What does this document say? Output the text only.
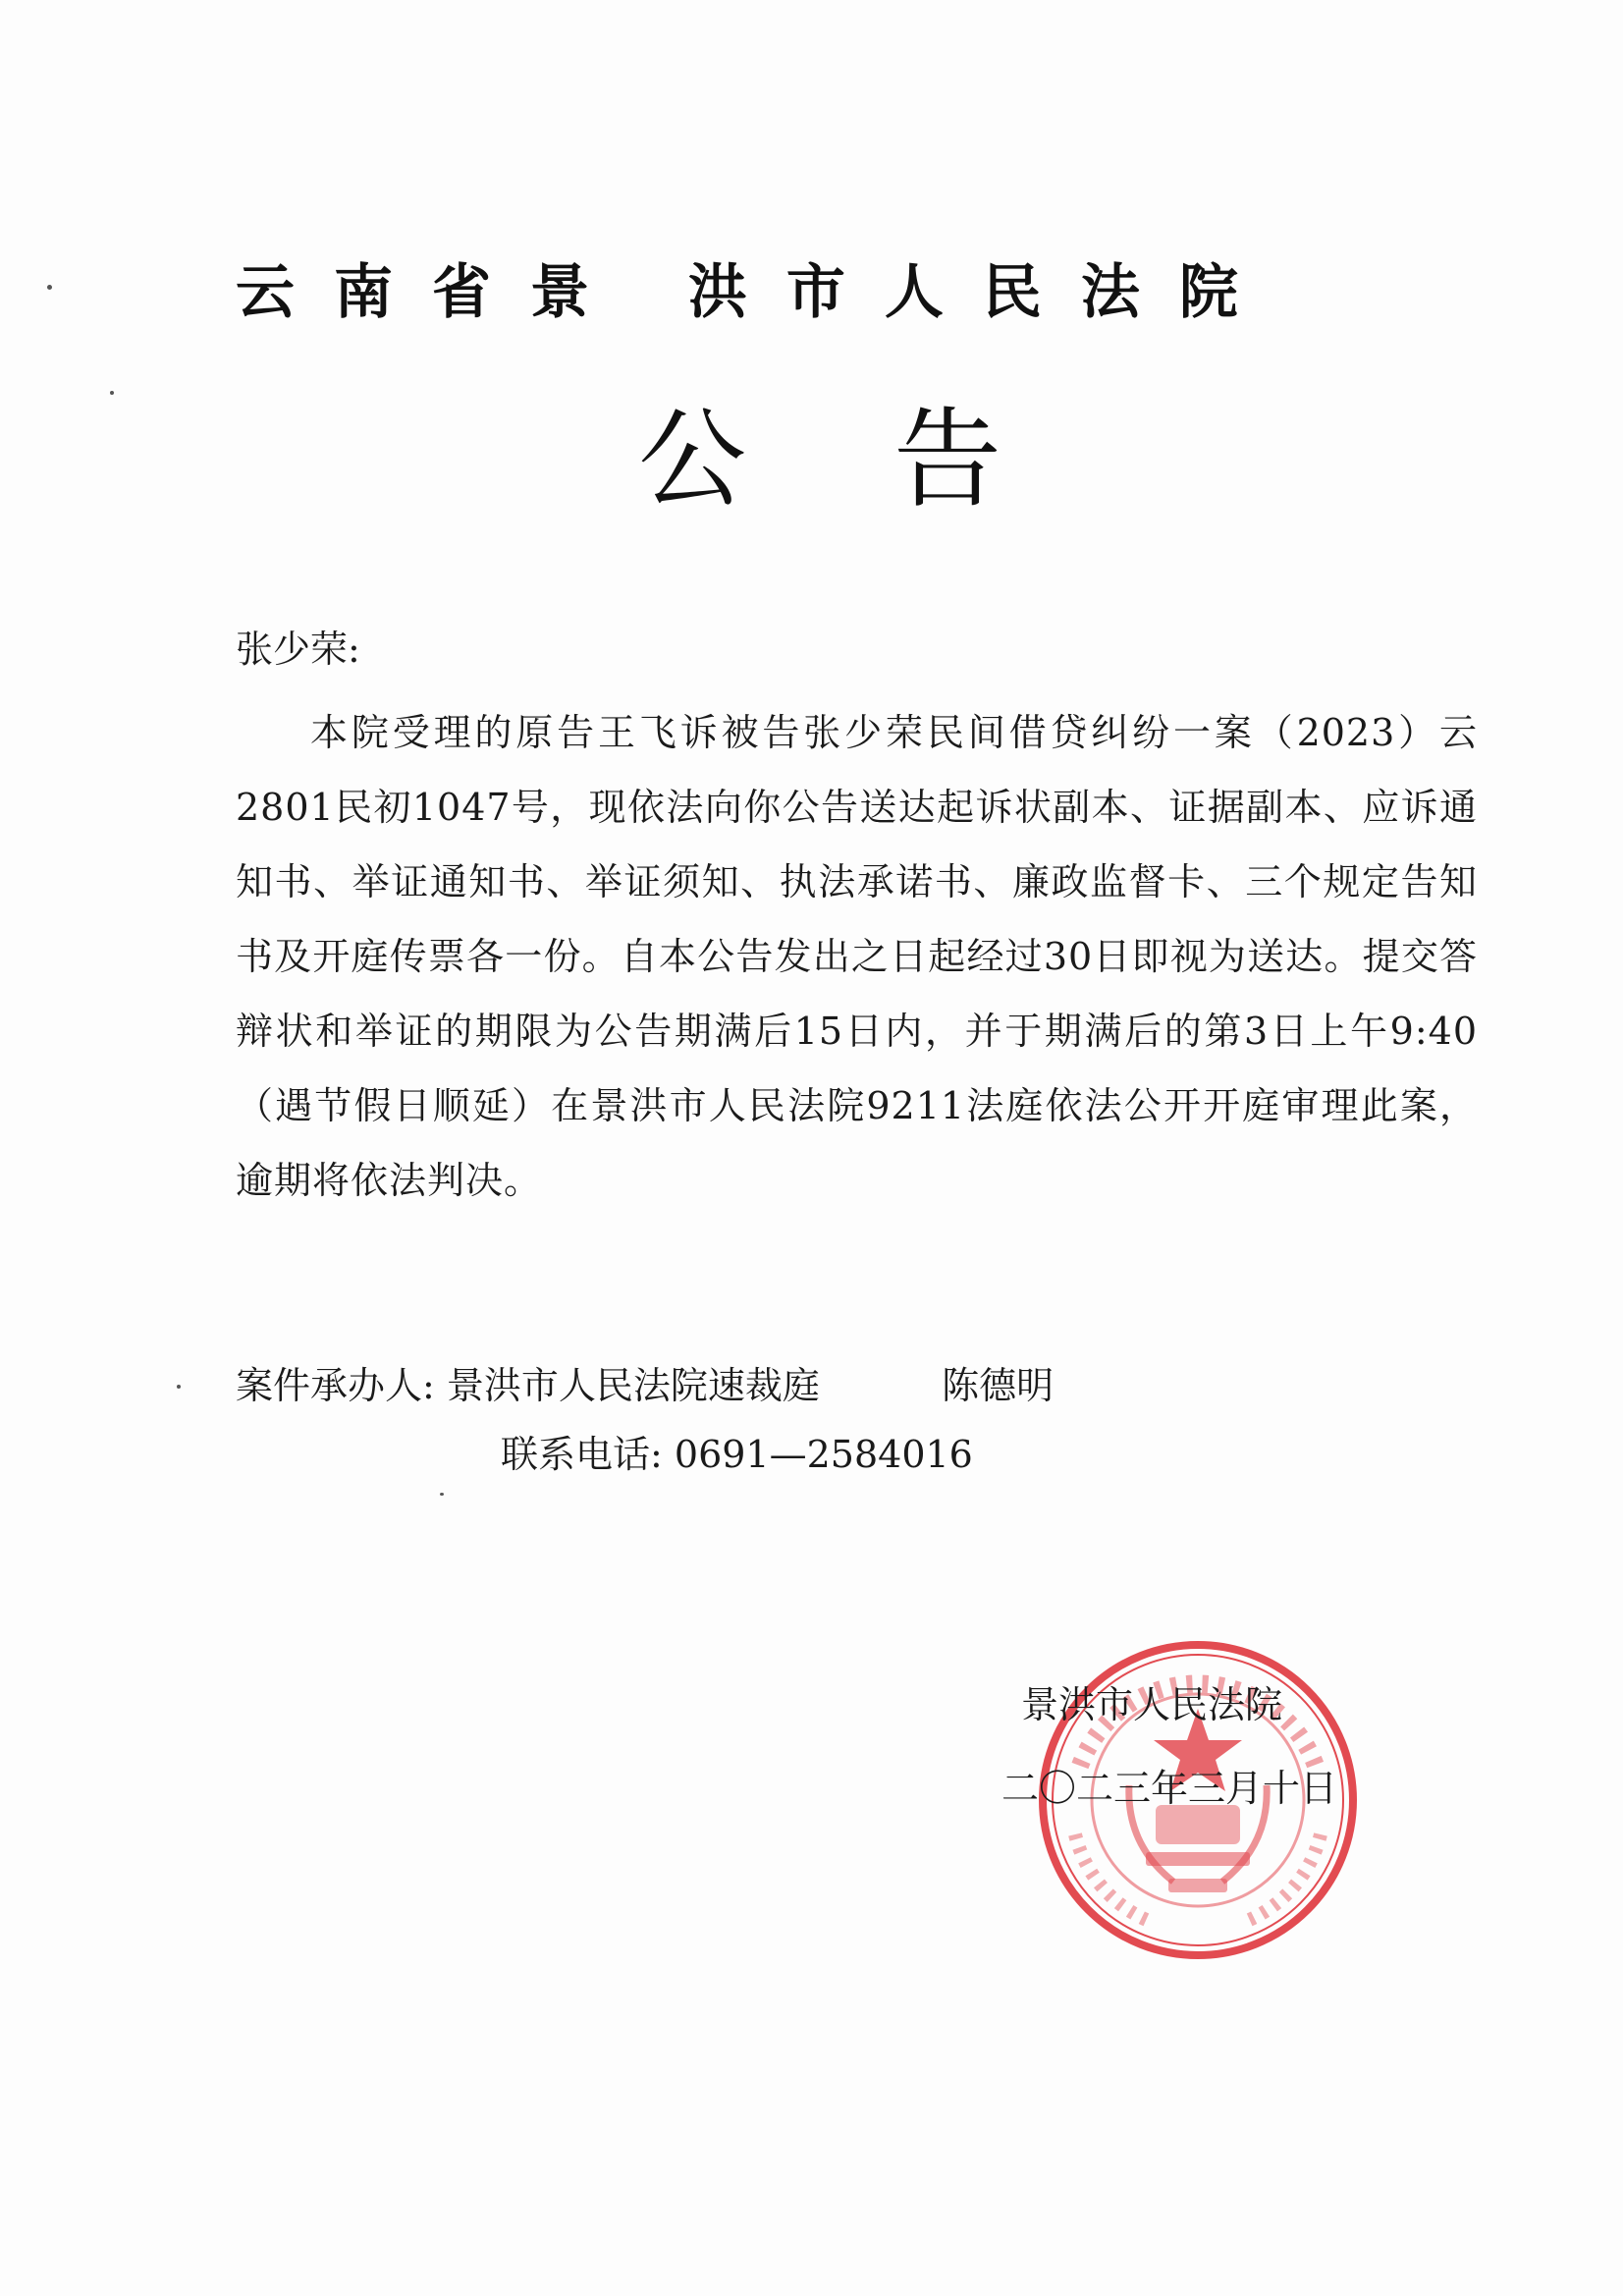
云南省景 洪市人民法院
公告
张少荣:
本院受理的原告王飞诉被告张少荣民间借贷纠纷一案（2023）云2801民初1047号，现依法向你公告送达起诉状副本、证据副本、应诉通知书、举证通知书、举证须知、执法承诺书、廉政监督卡、三个规定告知书及开庭传票各一份。自本公告发出之日起经过30日即视为送达。提交答辩状和举证的期限为公告期满后15日内，并于期满后的第3日上午9:40（遇节假日顺延）在景洪市人民法院9211法庭依法公开开庭审理此案，逾期将依法判决。
案件承办人: 景洪市人民法院速裁庭	陈德明
联系电话: 0691—2584016
景洪市人民法院
二〇二三年三月十日
